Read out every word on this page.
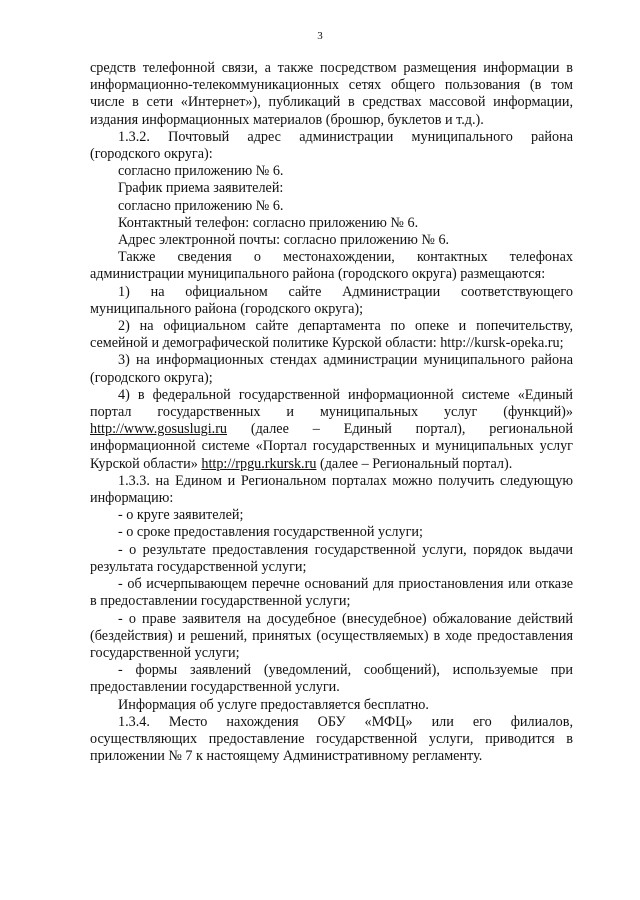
3

средств телефонной связи, а также посредством размещения информации в информационно-телекоммуникационных сетях общего пользования (в том числе в сети «Интернет»), публикаций в средствах массовой информации, издания информационных материалов (брошюр, буклетов и т.д.).

1.3.2. Почтовый адрес администрации муниципального района (городского округа):

согласно приложению № 6.
График приема заявителей:
согласно приложению № 6.
Контактный телефон: согласно приложению № 6.
Адрес электронной почты: согласно приложению № 6.

Также сведения о местонахождении, контактных телефонах администрации муниципального района (городского округа) размещаются:

1) на официальном сайте Администрации соответствующего муниципального района (городского округа);

2) на официальном сайте департамента по опеке и попечительству, семейной и демографической политике Курской области: http://kursk-opeka.ru;

3) на информационных стендах администрации муниципального района (городского округа);

4) в федеральной государственной информационной системе «Единый портал государственных и муниципальных услуг (функций)» http://www.gosuslugi.ru (далее – Единый портал), региональной информационной системе «Портал государственных и муниципальных услуг Курской области» http://rpgu.rkursk.ru (далее – Региональный портал).

1.3.3. на Едином и Региональном порталах можно получить следующую информацию:

- о круге заявителей;

- о сроке предоставления государственной услуги;

- о результате предоставления государственной услуги, порядок выдачи результата государственной услуги;

- об исчерпывающем перечне оснований для приостановления или отказе в предоставлении государственной услуги;

- о праве заявителя на досудебное (внесудебное) обжалование действий (бездействия) и решений, принятых (осуществляемых) в ходе предоставления государственной услуги;

- формы заявлений (уведомлений, сообщений), используемые при предоставлении государственной услуги.

Информация об услуге предоставляется бесплатно.

1.3.4. Место нахождения ОБУ «МФЦ» или его филиалов, осуществляющих предоставление государственной услуги, приводится в приложении № 7 к настоящему Административному регламенту.
